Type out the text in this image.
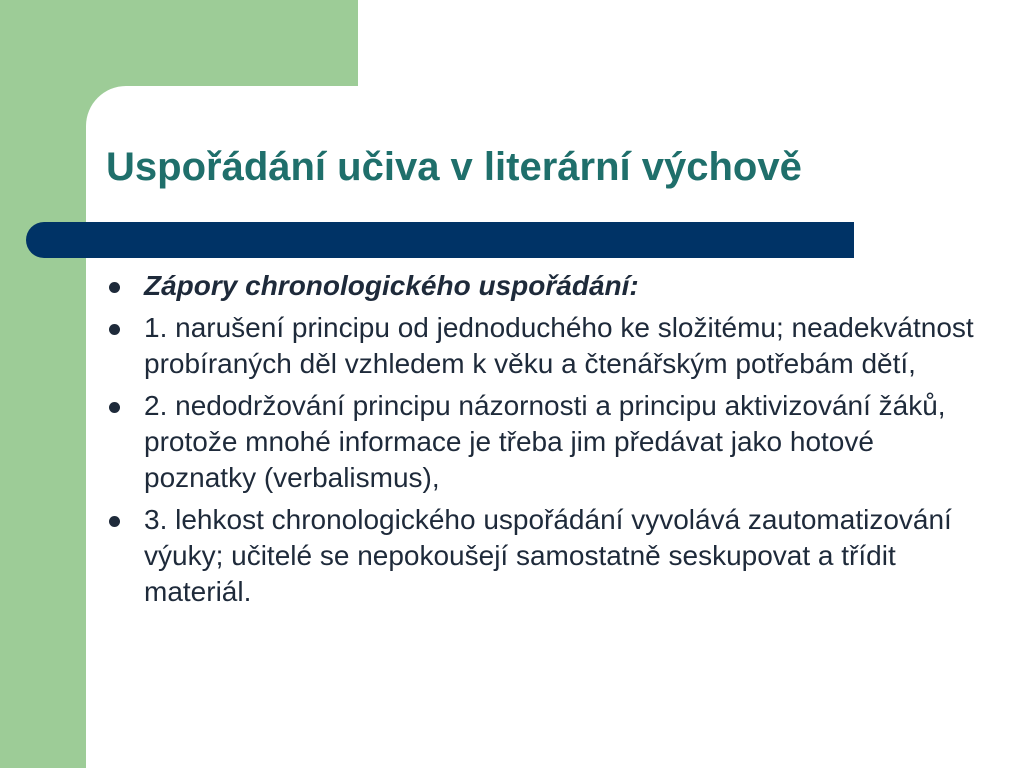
Uspořádání učiva v literární výchově
Zápory chronologického uspořádání:
1. narušení principu od jednoduchého ke složitému; neadekvátnost probíraných děl vzhledem k věku a čtenářským potřebám dětí,
2. nedodržování principu názornosti a principu aktivizování žáků, protože mnohé informace je třeba jim předávat jako hotové poznatky (verbalismus),
3. lehkost chronologického uspořádání vyvolává zautomatizování výuky; učitelé se nepokoušejí samostatně seskupovat a třídit materiál.
